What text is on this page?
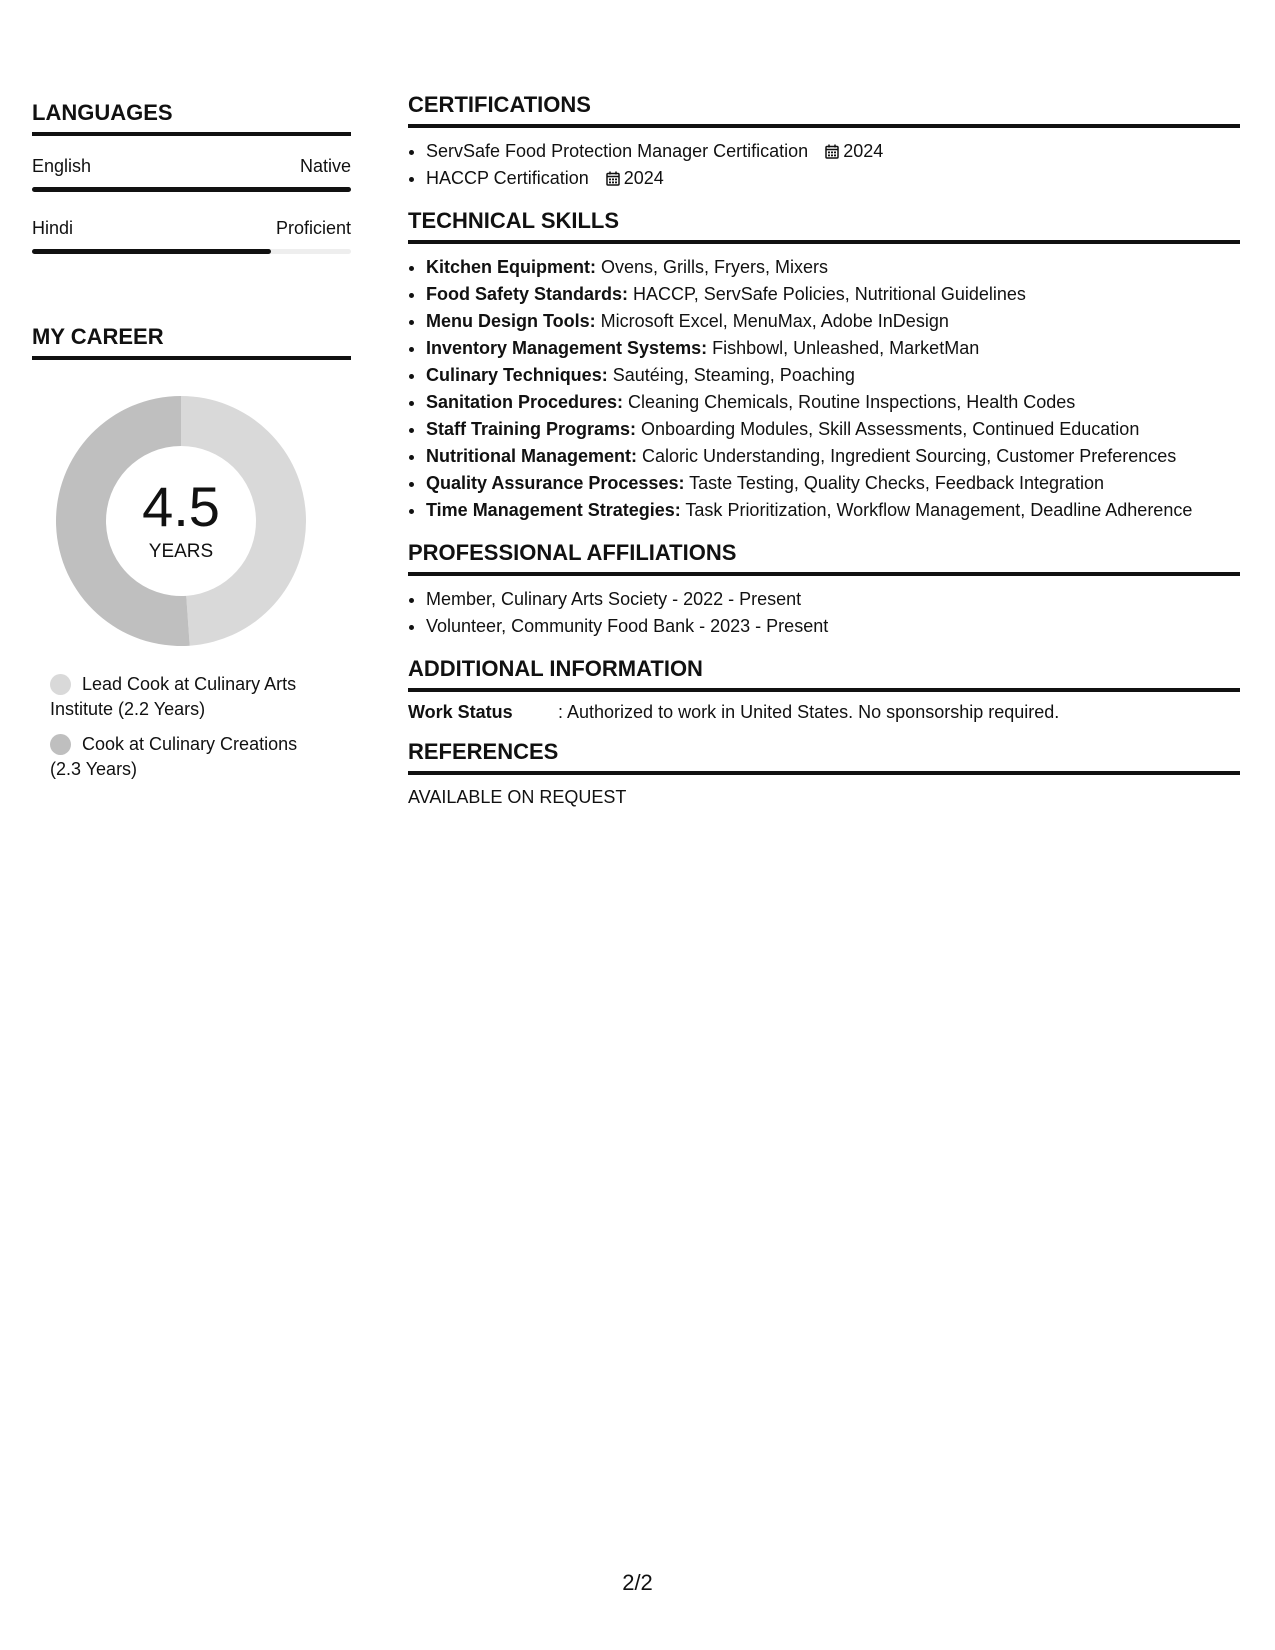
LANGUAGES
English	Native
Hindi	Proficient
MY CAREER
4.5
YEARS
Lead Cook at Culinary Arts Institute (2.2 Years)
Cook at Culinary Creations (2.3 Years)
CERTIFICATIONS
• ServSafe Food Protection Manager Certification 2024
• HACCP Certification 2024
TECHNICAL SKILLS
• Kitchen Equipment: Ovens, Grills, Fryers, Mixers
• Food Safety Standards: HACCP, ServSafe Policies, Nutritional Guidelines
• Menu Design Tools: Microsoft Excel, MenuMax, Adobe InDesign
• Inventory Management Systems: Fishbowl, Unleashed, MarketMan
• Culinary Techniques: Sautéing, Steaming, Poaching
• Sanitation Procedures: Cleaning Chemicals, Routine Inspections, Health Codes
• Staff Training Programs: Onboarding Modules, Skill Assessments, Continued Education
• Nutritional Management: Caloric Understanding, Ingredient Sourcing, Customer Preferences
• Quality Assurance Processes: Taste Testing, Quality Checks, Feedback Integration
• Time Management Strategies: Task Prioritization, Workflow Management, Deadline Adherence
PROFESSIONAL AFFILIATIONS
• Member, Culinary Arts Society - 2022 - Present
• Volunteer, Community Food Bank - 2023 - Present
ADDITIONAL INFORMATION
Work Status	: Authorized to work in United States. No sponsorship required.
REFERENCES
AVAILABLE ON REQUEST
2/2
